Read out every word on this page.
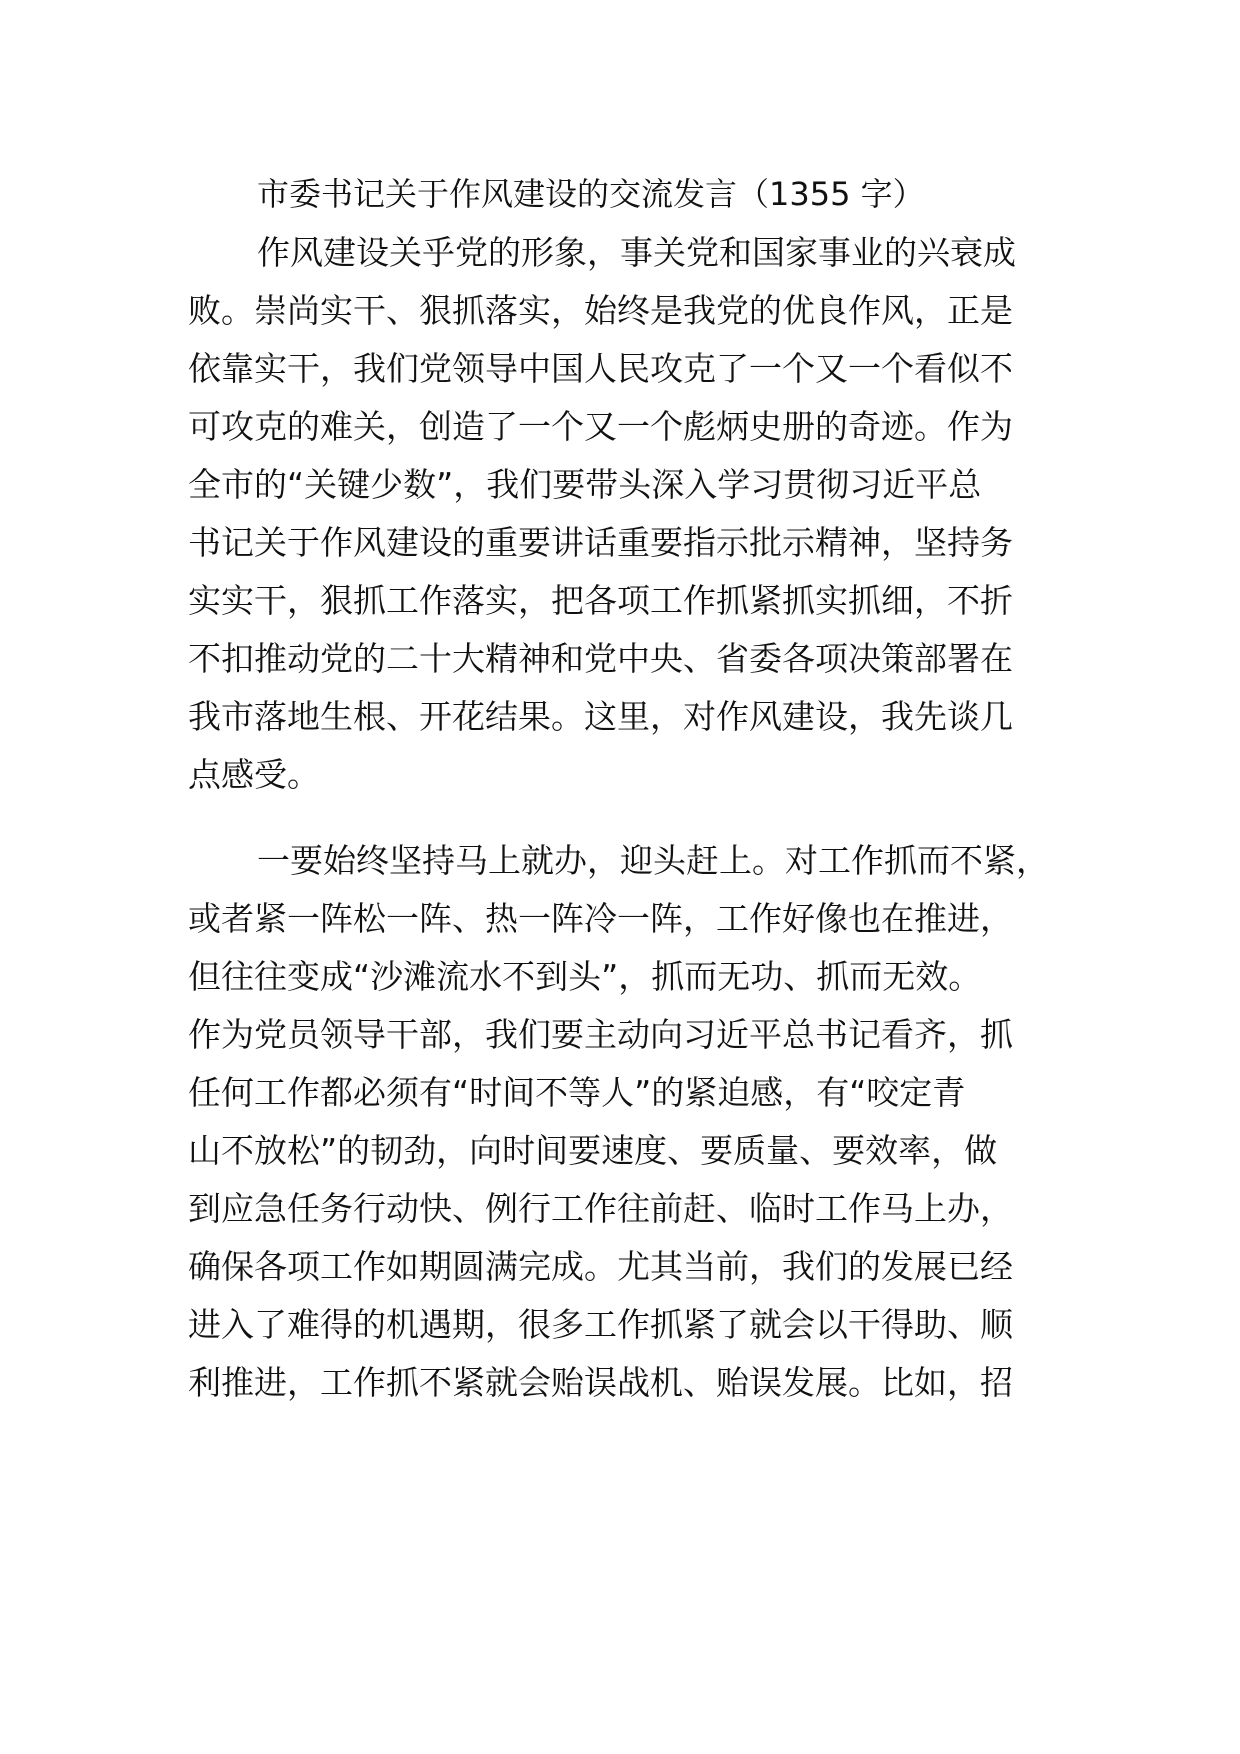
市委书记关于作风建设的交流发言（1355 字）
作风建设关乎党的形象，事关党和国家事业的兴衰成
败。崇尚实干、狠抓落实，始终是我党的优良作风，正是
依靠实干，我们党领导中国人民攻克了一个又一个看似不
可攻克的难关，创造了一个又一个彪炳史册的奇迹。作为
全市的“关键少数”，我们要带头深入学习贯彻习近平总
书记关于作风建设的重要讲话重要指示批示精神，坚持务
实实干，狠抓工作落实，把各项工作抓紧抓实抓细，不折
不扣推动党的二十大精神和党中央、省委各项决策部署在
我市落地生根、开花结果。这里，对作风建设，我先谈几
点感受。
一要始终坚持马上就办，迎头赶上。对工作抓而不紧，
或者紧一阵松一阵、热一阵冷一阵，工作好像也在推进，
但往往变成“沙滩流水不到头”，抓而无功、抓而无效。
作为党员领导干部，我们要主动向习近平总书记看齐，抓
任何工作都必须有“时间不等人”的紧迫感，有“咬定青
山不放松”的韧劲，向时间要速度、要质量、要效率，做
到应急任务行动快、例行工作往前赶、临时工作马上办，
确保各项工作如期圆满完成。尤其当前，我们的发展已经
进入了难得的机遇期，很多工作抓紧了就会以干得助、顺
利推进，工作抓不紧就会贻误战机、贻误发展。比如，招
